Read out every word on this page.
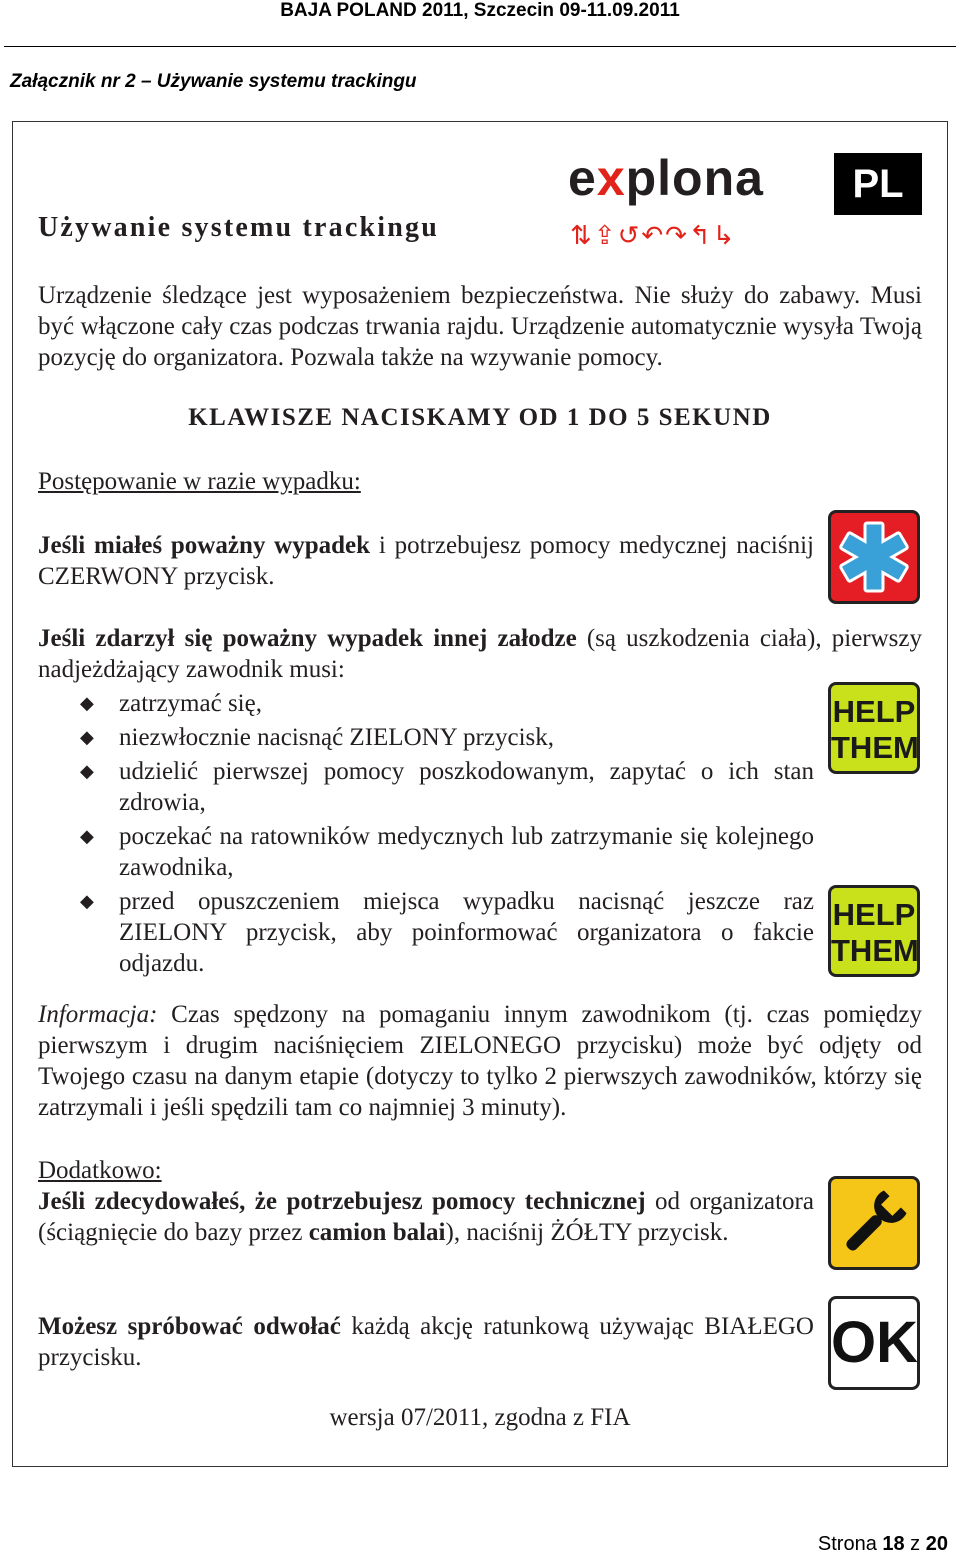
BAJA POLAND 2011, Szczecin 09-11.09.2011
Załącznik nr 2 – Używanie systemu trackingu
explona
⇅⇪↺↶↷↰↳
PL
Używanie systemu trackingu
Urządzenie śledzące jest wyposażeniem bezpieczeństwa. Nie służy do zabawy. Musi być włączone cały czas podczas trwania rajdu. Urządzenie automatycznie wysyła Twoją pozycję do organizatora. Pozwala także na wzywanie pomocy.
KLAWISZE NACISKAMY OD 1 DO 5 SEKUND
Postępowanie w razie wypadku:
Jeśli miałeś poważny wypadek i potrzebujesz pomocy medycznej naciśnij CZERWONY przycisk.
Jeśli zdarzył się poważny wypadek innej załodze (są uszkodzenia ciała), pierwszy nadjeżdżający zawodnik musi:
◆ zatrzymać się,
◆ niezwłocznie nacisnąć ZIELONY przycisk,
◆ udzielić pierwszej pomocy poszkodowanym, zapytać o ich stan zdrowia,
◆ poczekać na ratowników medycznych lub zatrzymanie się kolejnego zawodnika,
◆ przed opuszczeniem miejsca wypadku nacisnąć jeszcze raz ZIELONY przycisk, aby poinformować organizatora o fakcie odjazdu.
HELP
THEM
HELP
THEM
Informacja: Czas spędzony na pomaganiu innym zawodnikom (tj. czas pomiędzy pierwszym i drugim naciśnięciem ZIELONEGO przycisku) może być odjęty od Twojego czasu na danym etapie (dotyczy to tylko 2 pierwszych zawodników, którzy się zatrzymali i jeśli spędzili tam co najmniej 3 minuty).
Dodatkowo:
Jeśli zdecydowałeś, że potrzebujesz pomocy technicznej od organizatora (ściągnięcie do bazy przez camion balai), naciśnij ŻÓŁTY przycisk.
Możesz spróbować odwołać każdą akcję ratunkową używając BIAŁEGO przycisku.	OK
wersja 07/2011, zgodna z FIA
Strona 18 z 20
